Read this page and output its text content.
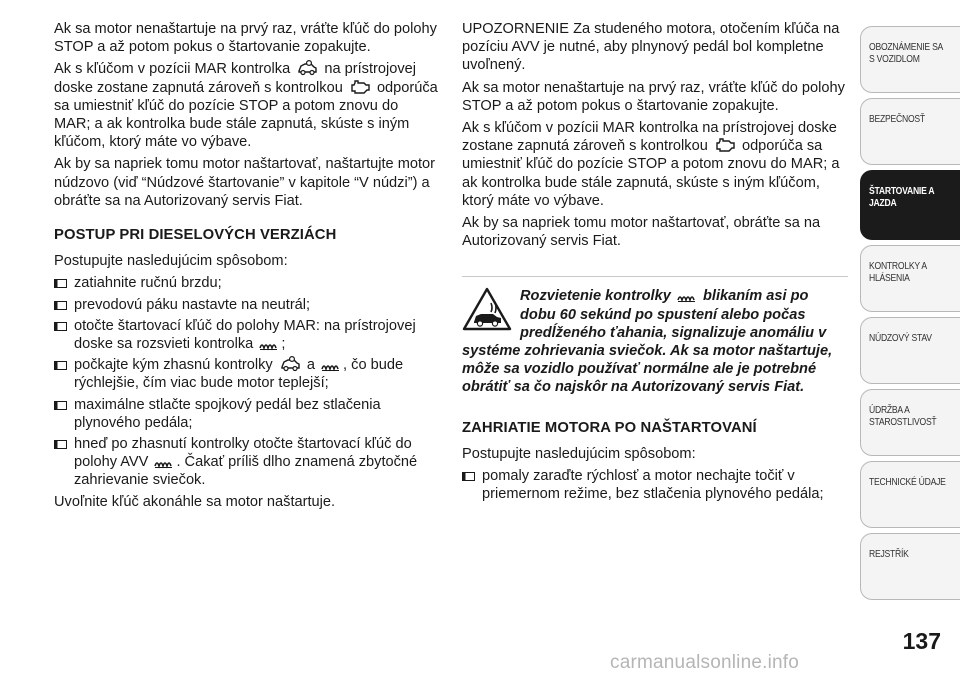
Ak sa motor nenaštartuje na prvý raz, vráťte kľúč do polohy STOP a až potom pokus o štartovanie zopakujte.

Ak s kľúčom v pozícii MAR kontrolka na prístrojovej doske zostane zapnutá zároveň s kontrolkou odporúča sa umiestniť kľúč do pozície STOP a potom znovu do MAR; a ak kontrolka bude stále zapnutá, skúste s iným kľúčom, ktorý máte vo výbave.

Ak by sa napriek tomu motor naštartovať, naštartujte motor núdzovo (viď “Núdzové štartovanie” v kapitole “V núdzi”) a obráťte sa na Autorizovaný servis Fiat.

POSTUP PRI DIESELOVÝCH VERZIÁCH

Postupujte nasledujúcim spôsobom:

zatiahnite ručnú brzdu;
prevodovú páku nastavte na neutrál;
otočte štartovací kľúč do polohy MAR: na prístrojovej doske sa rozsvieti kontrolka ;
počkajte kým zhasnú kontrolky a , čo bude rýchlejšie, čím viac bude motor teplejší;
maximálne stlačte spojkový pedál bez stlačenia plynového pedála;
hneď po zhasnutí kontrolky otočte štartovací kľúč do polohy AVV . Čakať príliš dlho znamená zbytočné zahrievanie sviečok.

Uvoľnite kľúč akonáhle sa motor naštartuje.

UPOZORNENIE Za studeného motora, otočením kľúča na pozíciu AVV je nutné, aby plnynový pedál bol kompletne uvoľnený.

Ak sa motor nenaštartuje na prvý raz, vráťte kľúč do polohy STOP a až potom pokus o štartovanie zopakujte.

Ak s kľúčom v pozícii MAR kontrolka na prístrojovej doske zostane zapnutá zároveň s kontrolkou odporúča sa umiestniť kľúč do pozície STOP a potom znovu do MAR; a ak kontrolka bude stále zapnutá, skúste s iným kľúčom, ktorý máte vo výbave.

Ak by sa napriek tomu motor naštartovať, obráťte sa na Autorizovaný servis Fiat.

Rozvietenie kontrolky blikaním asi po dobu 60 sekúnd po spustení alebo počas predĺženého ťahania, signalizuje anomáliu v systéme zohrievania sviečok. Ak sa motor naštartuje, môže sa vozidlo používať normálne ale je potrebné obrátiť sa čo najskôr na Autorizovaný servis Fiat.

ZAHRIATIE MOTORA PO NAŠTARTOVANÍ

Postupujte nasledujúcim spôsobom:

pomaly zaraďte rýchlosť a motor nechajte točiť v priemernom režime, bez stlačenia plynového pedála;
OBOZNÁMENIE SA
S VOZIDLOM
BEZPEČNOSŤ
ŠTARTOVANIE A
JAZDA
KONTROLKY A
HLÁSENIA
NÚDZOVÝ STAV
ÚDRŽBA A
STAROSTLIVOSŤ
TECHNICKÉ ÚDAJE
REJSTŘÍK
137
carmanualsonline.info
